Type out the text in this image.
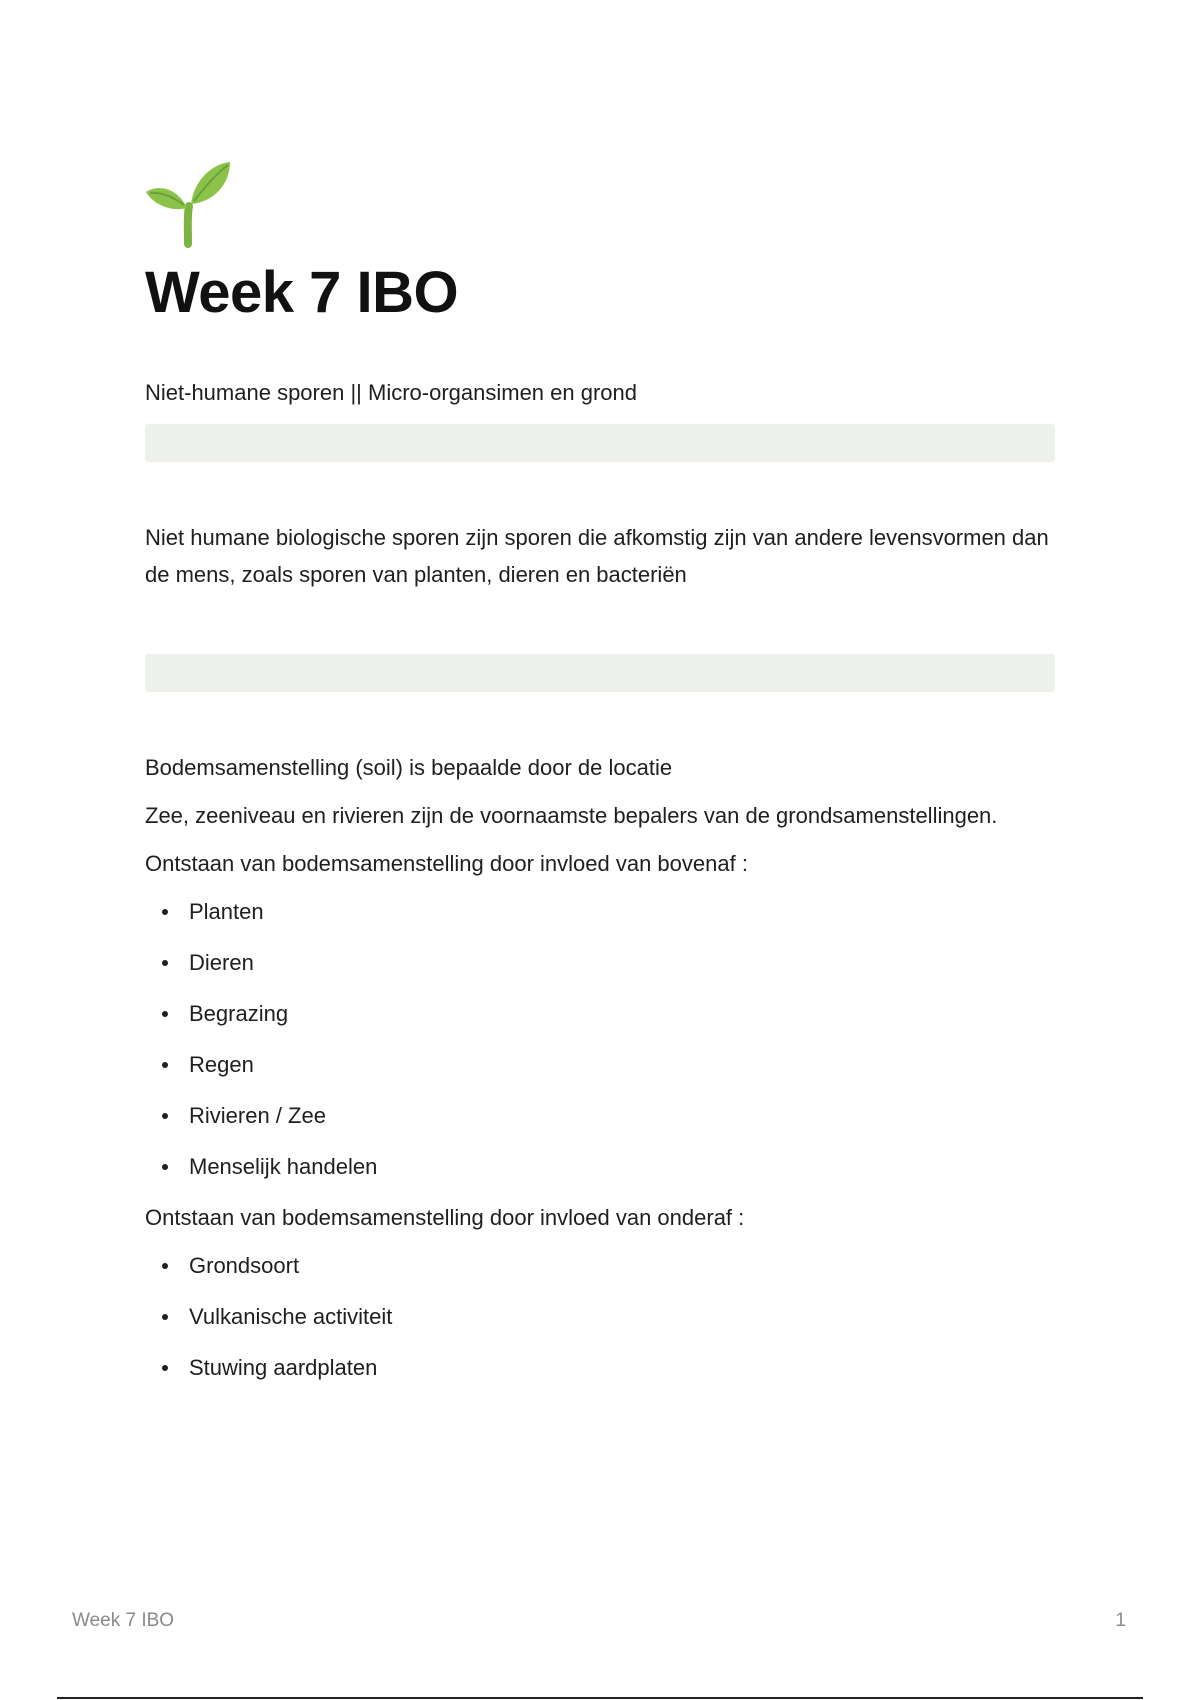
Week 7 IBO

Niet-humane sporen || Micro-organsimen en grond

Niet humane biologische sporen zijn sporen die afkomstig zijn van andere levensvormen dan de mens, zoals sporen van planten, dieren en bacteriën

Bodemsamenstelling (soil) is bepaalde door de locatie

Zee, zeeniveau en rivieren zijn de voornaamste bepalers van de grondsamenstellingen.

Ontstaan van bodemsamenstelling door invloed van bovenaf :

Planten
Dieren
Begrazing
Regen
Rivieren / Zee
Menselijk handelen

Ontstaan van bodemsamenstelling door invloed van onderaf :

Grondsoort
Vulkanische activiteit
Stuwing aardplaten
Week 7 IBO	1
